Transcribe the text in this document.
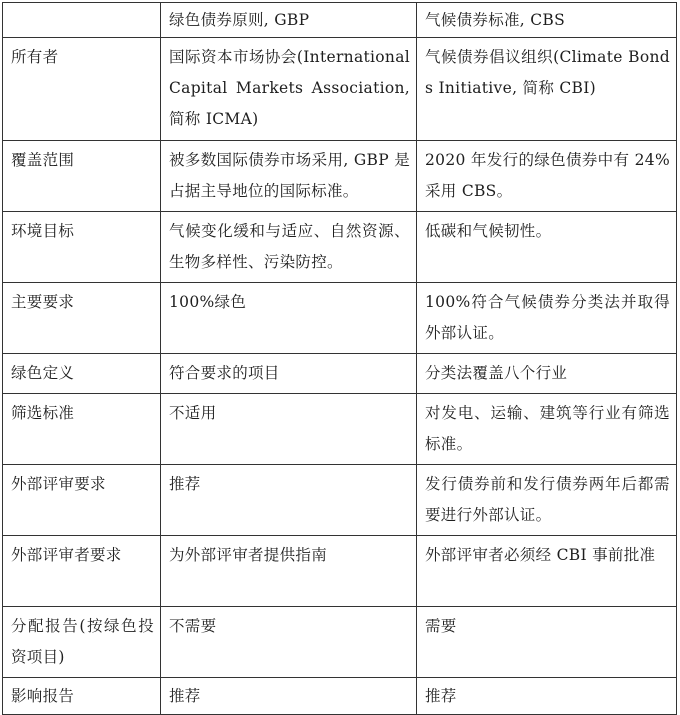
	绿色债券原则, GBP	气候债券标准, CBS
所有者	国际资本市场协会(International Capital Markets Association, 简称 ICMA)	气候债券倡议组织(Climate Bonds Initiative, 简称 CBI)
覆盖范围	被多数国际债券市场采用, GBP 是占据主导地位的国际标准。	2020 年发行的绿色债券中有 24%采用 CBS。
环境目标	气候变化缓和与适应、自然资源、生物多样性、污染防控。	低碳和气候韧性。
主要要求	100%绿色	100%符合气候债券分类法并取得外部认证。
绿色定义	符合要求的项目	分类法覆盖八个行业
筛选标准	不适用	对发电、运输、建筑等行业有筛选标准。
外部评审要求	推荐	发行债券前和发行债券两年后都需要进行外部认证。
外部评审者要求	为外部评审者提供指南	外部评审者必须经 CBI 事前批准
分配报告(按绿色投资项目)	不需要	需要
影响报告	推荐	推荐
